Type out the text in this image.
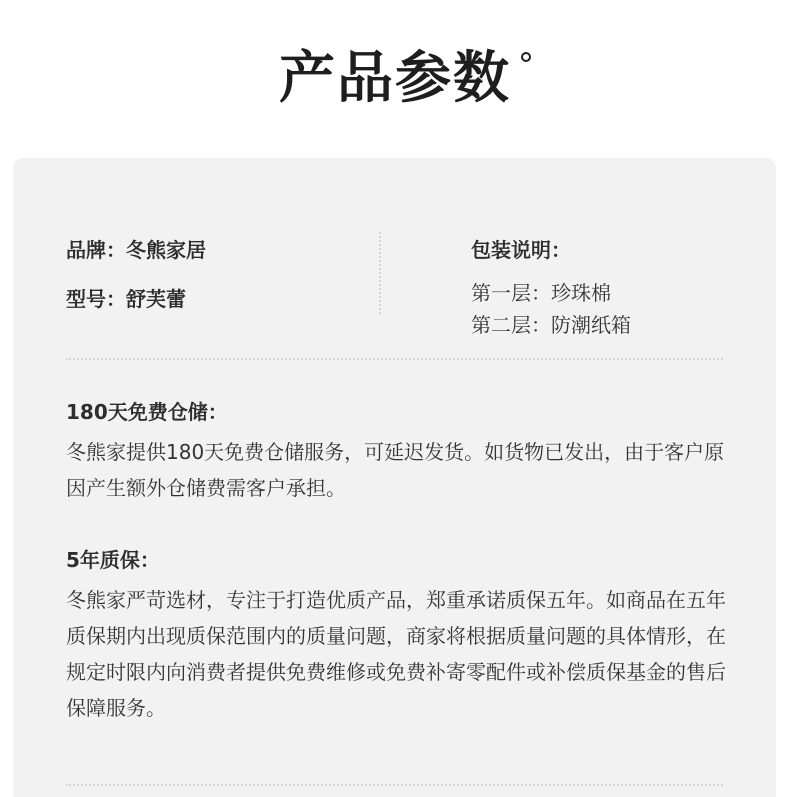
产品参数
品牌：冬熊家居
型号：舒芙蕾
包装说明：
第一层：珍珠棉
第二层：防潮纸箱
180天免费仓储：

冬熊家提供180天免费仓储服务，可延迟发货。如货物已发出，由于客户原因产生额外仓储费需客户承担。

5年质保：

冬熊家严苛选材，专注于打造优质产品，郑重承诺质保五年。如商品在五年质保期内出现质保范围内的质量问题，商家将根据质量问题的具体情形，在规定时限内向消费者提供免费维修或免费补寄零配件或补偿质保基金的售后保障服务。
